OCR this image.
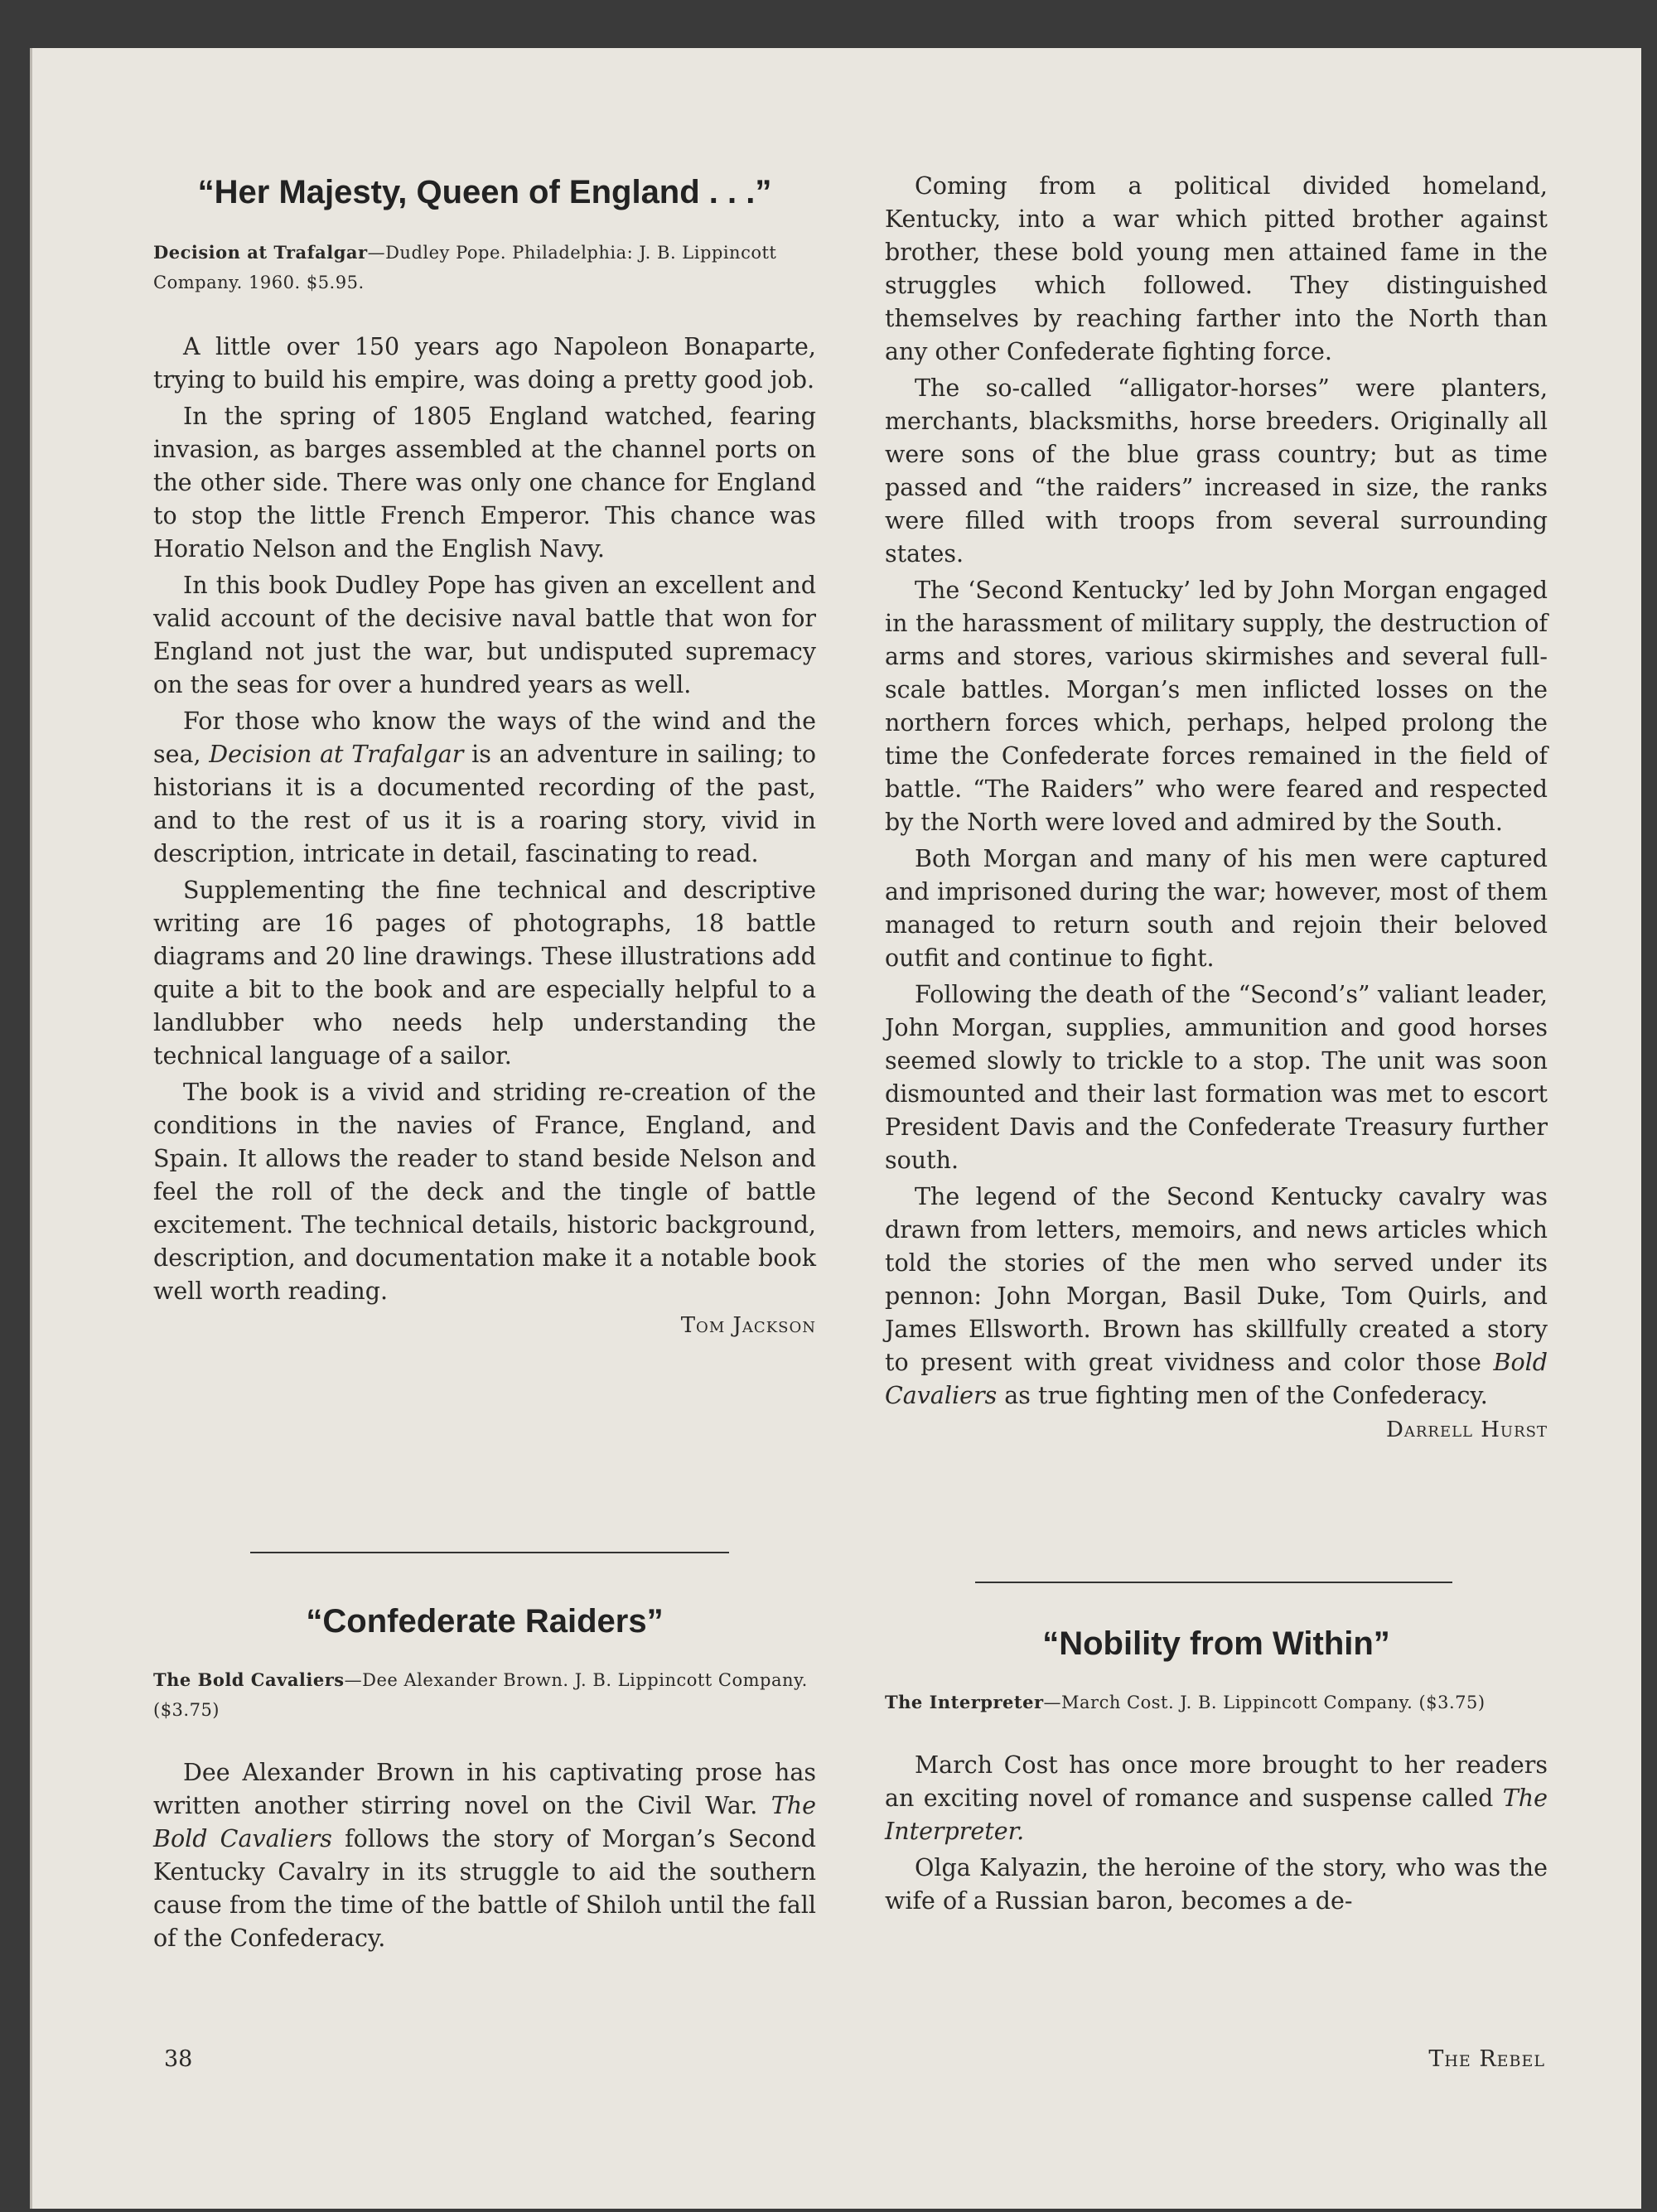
“Her Majesty, Queen of England . . .”

Decision at Trafalgar—Dudley Pope. Philadelphia: J. B. Lippincott Company. 1960. $5.95.

A little over 150 years ago Napoleon Bonaparte, trying to build his empire, was doing a pretty good job.

In the spring of 1805 England watched, fearing invasion, as barges assembled at the channel ports on the other side. There was only one chance for England to stop the little French Emperor. This chance was Horatio Nelson and the English Navy.

In this book Dudley Pope has given an excellent and valid account of the decisive naval battle that won for England not just the war, but undisputed supremacy on the seas for over a hundred years as well.

For those who know the ways of the wind and the sea, Decision at Trafalgar is an adventure in sailing; to historians it is a documented recording of the past, and to the rest of us it is a roaring story, vivid in description, intricate in detail, fascinating to read.

Supplementing the fine technical and descriptive writing are 16 pages of photographs, 18 battle diagrams and 20 line drawings. These illustrations add quite a bit to the book and are especially helpful to a landlubber who needs help understanding the technical language of a sailor.

The book is a vivid and striding re-creation of the conditions in the navies of France, England, and Spain. It allows the reader to stand beside Nelson and feel the roll of the deck and the tingle of battle excitement. The technical details, historic background, description, and documentation make it a notable book well worth reading.

Tom Jackson
“Confederate Raiders”

The Bold Cavaliers—Dee Alexander Brown. J. B. Lippincott Company. ($3.75)

Dee Alexander Brown in his captivating prose has written another stirring novel on the Civil War. The Bold Cavaliers follows the story of Morgan’s Second Kentucky Cavalry in its struggle to aid the southern cause from the time of the battle of Shiloh until the fall of the Confederacy.

Coming from a political divided homeland, Kentucky, into a war which pitted brother against brother, these bold young men attained fame in the struggles which followed. They distinguished themselves by reaching farther into the North than any other Confederate fighting force.

The so-called “alligator-horses” were planters, merchants, blacksmiths, horse breeders. Originally all were sons of the blue grass country; but as time passed and “the raiders” increased in size, the ranks were filled with troops from several surrounding states.

The ‘Second Kentucky’ led by John Morgan engaged in the harassment of military supply, the destruction of arms and stores, various skirmishes and several full-scale battles. Morgan’s men inflicted losses on the northern forces which, perhaps, helped prolong the time the Confederate forces remained in the field of battle. “The Raiders” who were feared and respected by the North were loved and admired by the South.

Both Morgan and many of his men were captured and imprisoned during the war; however, most of them managed to return south and rejoin their beloved outfit and continue to fight.

Following the death of the “Second’s” valiant leader, John Morgan, supplies, ammunition and good horses seemed slowly to trickle to a stop. The unit was soon dismounted and their last formation was met to escort President Davis and the Confederate Treasury further south.

The legend of the Second Kentucky cavalry was drawn from letters, memoirs, and news articles which told the stories of the men who served under its pennon: John Morgan, Basil Duke, Tom Quirls, and James Ellsworth. Brown has skillfully created a story to present with great vividness and color those Bold Cavaliers as true fighting men of the Confederacy.

Darrell Hurst
“Nobility from Within”

The Interpreter—March Cost. J. B. Lippincott Company. ($3.75)

March Cost has once more brought to her readers an exciting novel of romance and suspense called The Interpreter.

Olga Kalyazin, the heroine of the story, who was the wife of a Russian baron, becomes a de-

38	The Rebel
